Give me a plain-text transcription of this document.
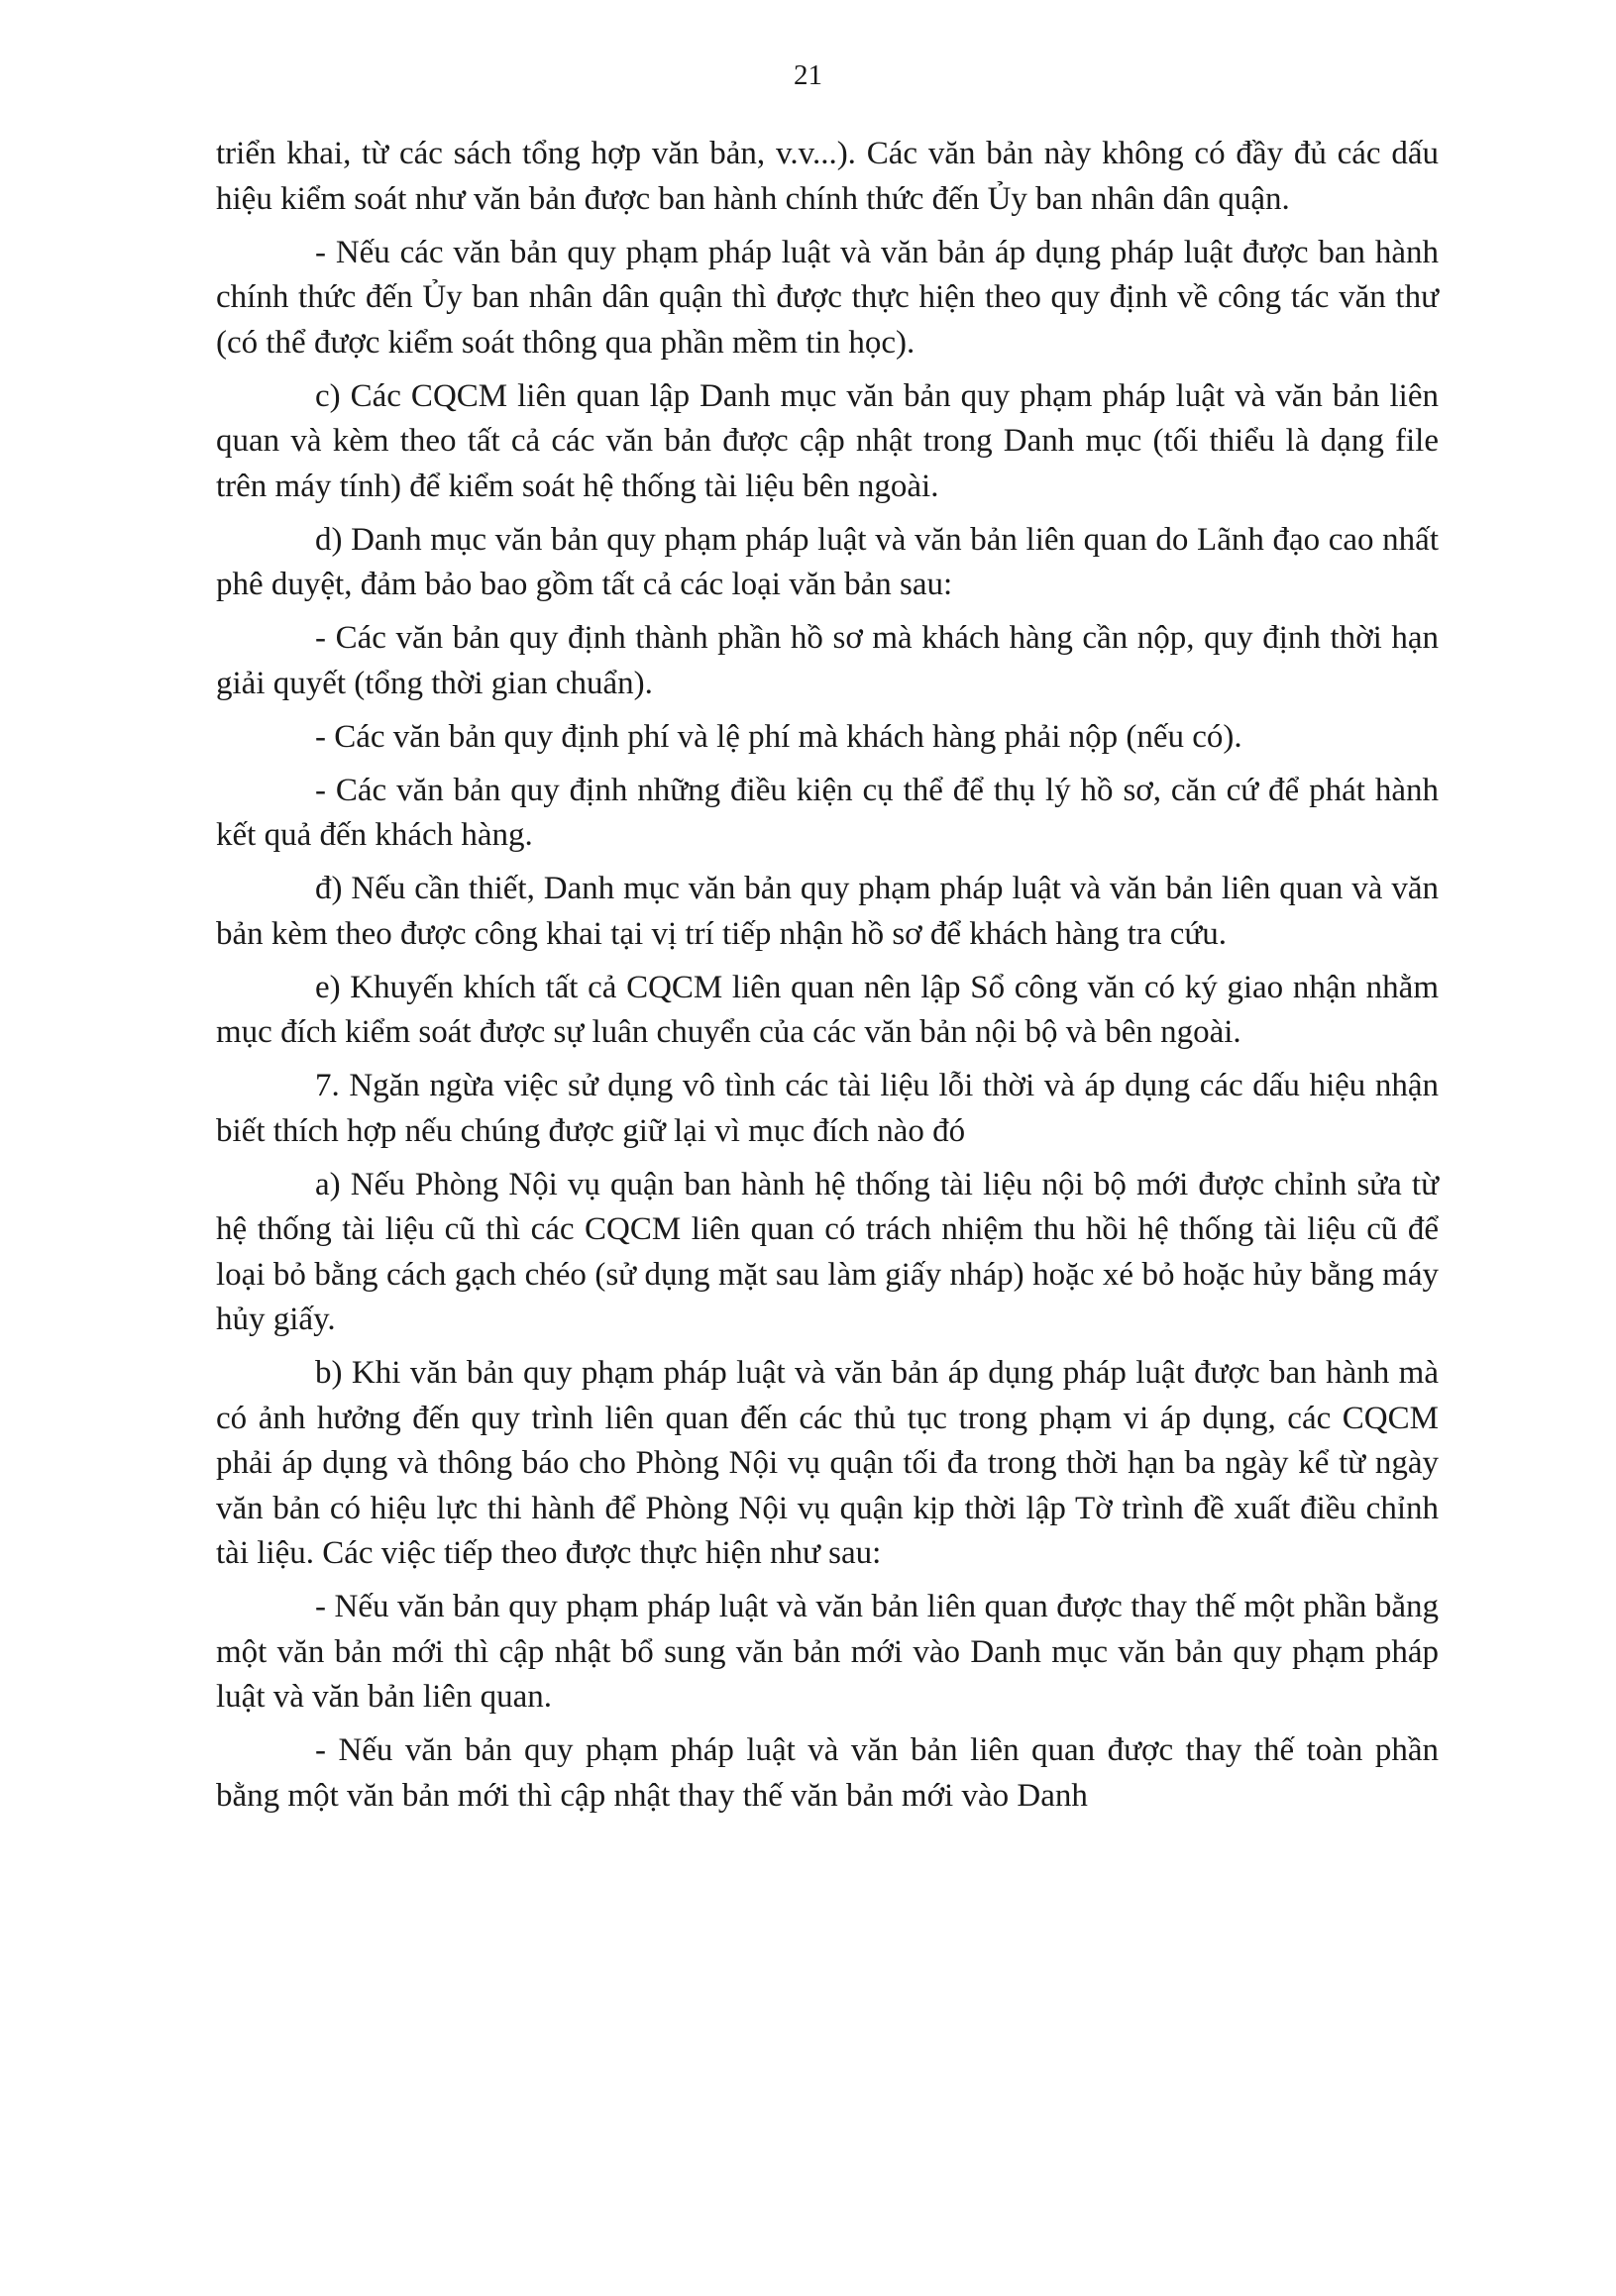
21

triển khai, từ các sách tổng hợp văn bản, v.v...). Các văn bản này không có đầy đủ các dấu hiệu kiểm soát như văn bản được ban hành chính thức đến Ủy ban nhân dân quận.

- Nếu các văn bản quy phạm pháp luật và văn bản áp dụng pháp luật được ban hành chính thức đến Ủy ban nhân dân quận thì được thực hiện theo quy định về công tác văn thư (có thể được kiểm soát thông qua phần mềm tin học).

c) Các CQCM liên quan lập Danh mục văn bản quy phạm pháp luật và văn bản liên quan và kèm theo tất cả các văn bản được cập nhật trong Danh mục (tối thiểu là dạng file trên máy tính) để kiểm soát hệ thống tài liệu bên ngoài.

d) Danh mục văn bản quy phạm pháp luật và văn bản liên quan do Lãnh đạo cao nhất phê duyệt, đảm bảo bao gồm tất cả các loại văn bản sau:

- Các văn bản quy định thành phần hồ sơ mà khách hàng cần nộp, quy định thời hạn giải quyết (tổng thời gian chuẩn).

- Các văn bản quy định phí và lệ phí mà khách hàng phải nộp (nếu có).

- Các văn bản quy định những điều kiện cụ thể để thụ lý hồ sơ, căn cứ để phát hành kết quả đến khách hàng.

đ) Nếu cần thiết, Danh mục văn bản quy phạm pháp luật và văn bản liên quan và văn bản kèm theo được công khai tại vị trí tiếp nhận hồ sơ để khách hàng tra cứu.

e) Khuyến khích tất cả CQCM liên quan nên lập Sổ công văn có ký giao nhận nhằm mục đích kiểm soát được sự luân chuyển của các văn bản nội bộ và bên ngoài.

7. Ngăn ngừa việc sử dụng vô tình các tài liệu lỗi thời và áp dụng các dấu hiệu nhận biết thích hợp nếu chúng được giữ lại vì mục đích nào đó

a) Nếu Phòng Nội vụ quận ban hành hệ thống tài liệu nội bộ mới được chỉnh sửa từ hệ thống tài liệu cũ thì các CQCM liên quan có trách nhiệm thu hồi hệ thống tài liệu cũ để loại bỏ bằng cách gạch chéo (sử dụng mặt sau làm giấy nháp) hoặc xé bỏ hoặc hủy bằng máy hủy giấy.

b) Khi văn bản quy phạm pháp luật và văn bản áp dụng pháp luật được ban hành mà có ảnh hưởng đến quy trình liên quan đến các thủ tục trong phạm vi áp dụng, các CQCM phải áp dụng và thông báo cho Phòng Nội vụ quận tối đa trong thời hạn ba ngày kể từ ngày văn bản có hiệu lực thi hành để Phòng Nội vụ quận kịp thời lập Tờ trình đề xuất điều chỉnh tài liệu. Các việc tiếp theo được thực hiện như sau:

- Nếu văn bản quy phạm pháp luật và văn bản liên quan được thay thế một phần bằng một văn bản mới thì cập nhật bổ sung văn bản mới vào Danh mục văn bản quy phạm pháp luật và văn bản liên quan.

- Nếu văn bản quy phạm pháp luật và văn bản liên quan được thay thế toàn phần bằng một văn bản mới thì cập nhật thay thế văn bản mới vào Danh
